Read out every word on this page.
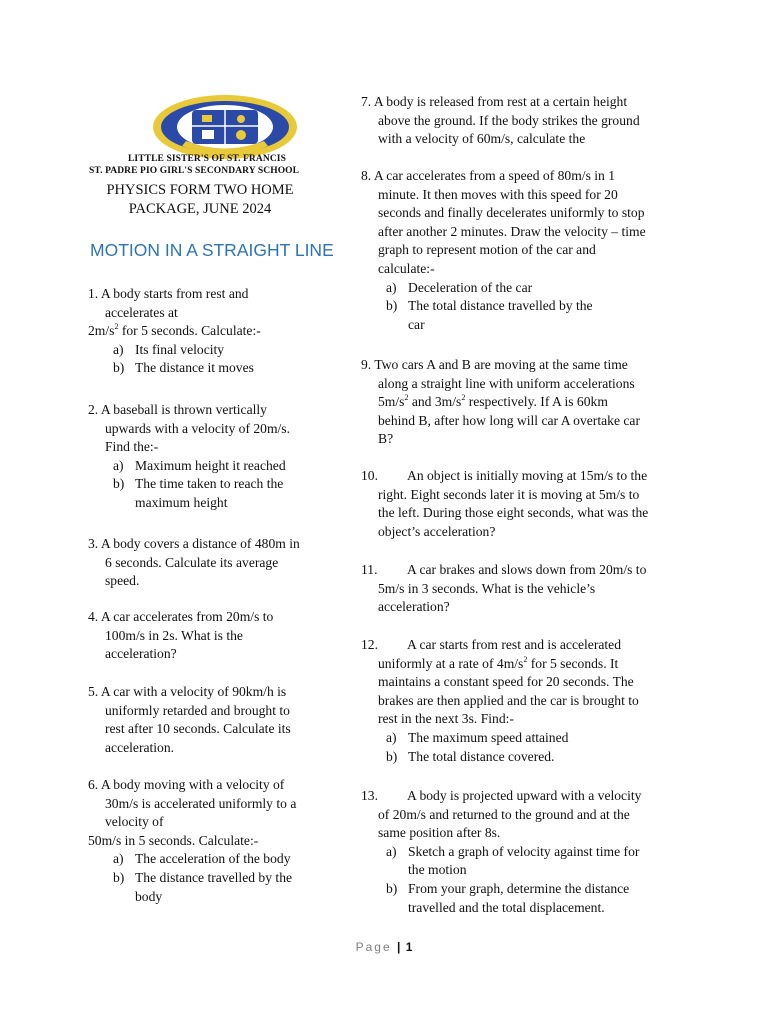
LITTLE SISTER'S OF ST. FRANCIS
ST. PADRE PIO GIRL'S SECONDARY SCHOOL
PHYSICS FORM TWO HOME
PACKAGE, JUNE 2024
MOTION IN A STRAIGHT LINE
1. A body starts from rest and
accelerates at
$2m/s^2$ for 5 seconds. Calculate:-
a) Its final velocity
b) The distance it moves
2. A baseball is thrown vertically
upwards with a velocity of 20m/s.
Find the:-
a) Maximum height it reached
b) The time taken to reach the
maximum height
3. A body covers a distance of 480m in
6 seconds. Calculate its average
speed.
4. A car accelerates from 20m/s to
100m/s in 2s. What is the
acceleration?
5. A car with a velocity of 90km/h is
uniformly retarded and brought to
rest after 10 seconds. Calculate its
acceleration.
6. A body moving with a velocity of
30m/s is accelerated uniformly to a
velocity of
50m/s in 5 seconds. Calculate:-
a) The acceleration of the body
b) The distance travelled by the
body
7. A body is released from rest at a certain height
above the ground. If the body strikes the ground
with a velocity of 60m/s, calculate the
8. A car accelerates from a speed of 80m/s in 1
minute. It then moves with this speed for 20
seconds and finally decelerates uniformly to stop
after another 2 minutes. Draw the velocity – time
graph to represent motion of the car and
calculate:-
a) Deceleration of the car
b) The total distance travelled by the
car
9. Two cars A and B are moving at the same time
along a straight line with uniform accelerations
$5m/s^2$ and $3m/s^2$ respectively. If A is 60km
behind B, after how long will car A overtake car
B?
10. An object is initially moving at 15m/s to the
right. Eight seconds later it is moving at 5m/s to
the left. During those eight seconds, what was the
object’s acceleration?
11. A car brakes and slows down from 20m/s to
5m/s in 3 seconds. What is the vehicle’s
acceleration?
12. A car starts from rest and is accelerated
uniformly at a rate of $4m/s^2$ for 5 seconds. It
maintains a constant speed for 20 seconds. The
brakes are then applied and the car is brought to
rest in the next 3s. Find:-
a) The maximum speed attained
b) The total distance covered.
13. A body is projected upward with a velocity
of 20m/s and returned to the ground and at the
same position after 8s.
a) Sketch a graph of velocity against time for
the motion
b) From your graph, determine the distance
travelled and the total displacement.
Page | 1
